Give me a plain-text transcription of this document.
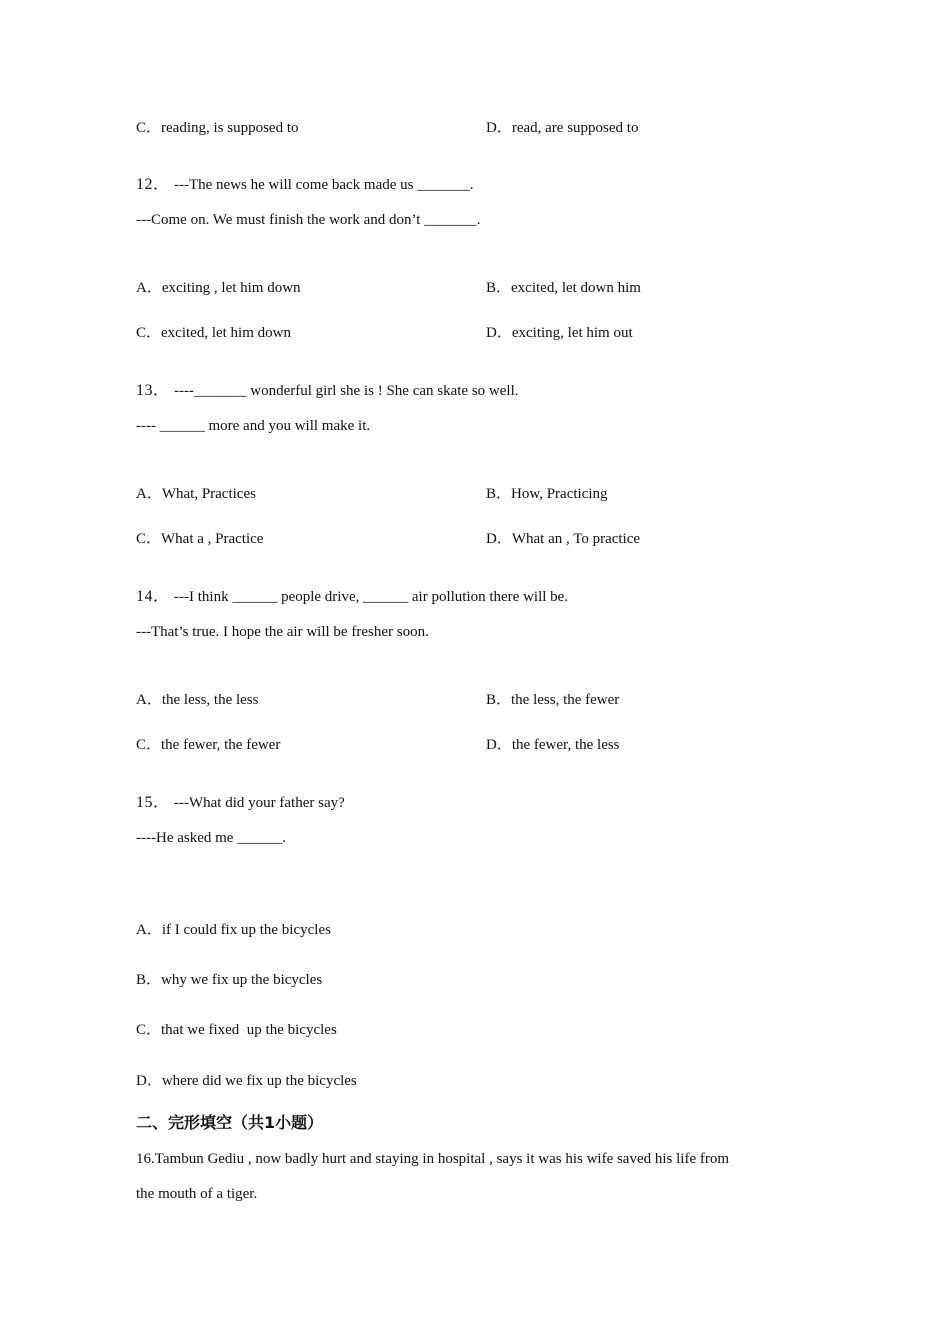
C．reading, is supposed to	D．read, are supposed to
12． ---The news he will come back made us _______.
---Come on. We must finish the work and don’t _______.
A．exciting , let him down	B．excited, let down him
C．excited, let him down	D．exciting, let him out
13． ----_______ wonderful girl she is ! She can skate so well.
---- ______ more and you will make it.
A．What, Practices	B．How, Practicing
C．What a , Practice	D．What an , To practice
14． ---I think ______ people drive, ______ air pollution there will be.
---That’s true. I hope the air will be fresher soon.
A．the less, the less	B．the less, the fewer
C．the fewer, the fewer	D．the fewer, the less
15． ---What did your father say?
----He asked me ______.
A．if I could fix up the bicycles
B．why we fix up the bicycles
C．that we fixed  up the bicycles
D．where did we fix up the bicycles
二、完形填空（共1小题）
16.Tambun Gediu , now badly hurt and staying in hospital , says it was his wife saved his life from
the mouth of a tiger.
